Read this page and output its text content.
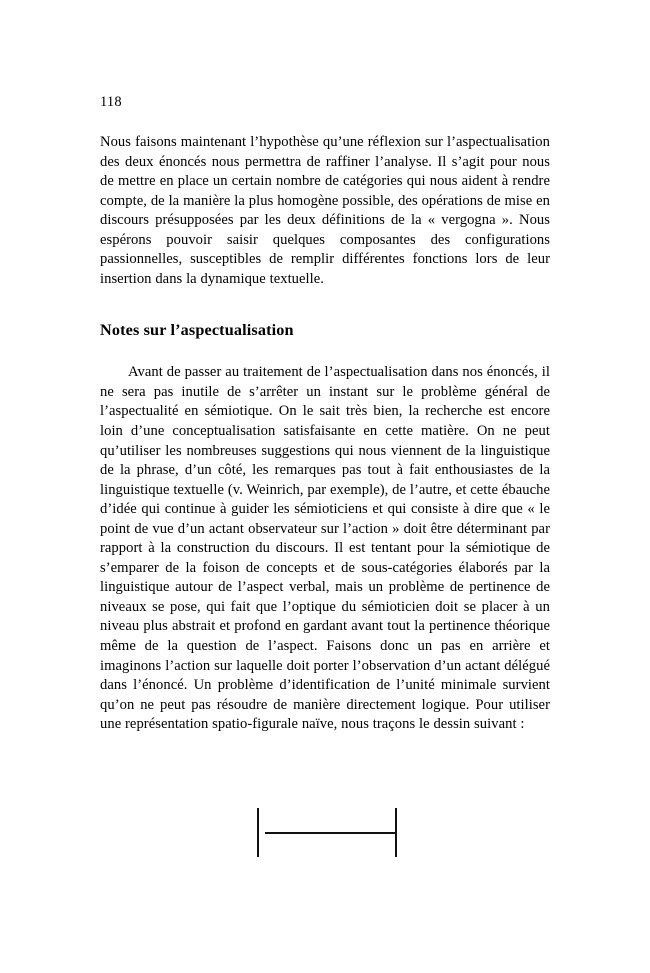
118

Nous faisons maintenant l’hypothèse qu’une réflexion sur l’aspectualisation des deux énoncés nous permettra de raffiner l’analyse. Il s’agit pour nous de mettre en place un certain nombre de catégories qui nous aident à rendre compte, de la manière la plus homogène possible, des opérations de mise en discours présupposées par les deux définitions de la « vergogna ». Nous espérons pouvoir saisir quelques composantes des configurations passionnelles, susceptibles de remplir différentes fonctions lors de leur insertion dans la dynamique textuelle.

Notes sur l’aspectualisation

Avant de passer au traitement de l’aspectualisation dans nos énoncés, il ne sera pas inutile de s’arrêter un instant sur le problème général de l’aspectualité en sémiotique. On le sait très bien, la recherche est encore loin d’une conceptualisation satisfaisante en cette matière. On ne peut qu’utiliser les nombreuses suggestions qui nous viennent de la linguistique de la phrase, d’un côté, les remarques pas tout à fait enthousiastes de la linguistique textuelle (v. Weinrich, par exemple), de l’autre, et cette ébauche d’idée qui continue à guider les sémioticiens et qui consiste à dire que « le point de vue d’un actant observateur sur l’action » doit être déterminant par rapport à la construction du discours. Il est tentant pour la sémiotique de s’emparer de la foison de concepts et de sous-catégories élaborés par la linguistique autour de l’aspect verbal, mais un problème de pertinence de niveaux se pose, qui fait que l’optique du sémioticien doit se placer à un niveau plus abstrait et profond en gardant avant tout la pertinence théorique même de la question de l’aspect. Faisons donc un pas en arrière et imaginons l’action sur laquelle doit porter l’observation d’un actant délégué dans l’énoncé. Un problème d’identification de l’unité minimale survient qu’on ne peut pas résoudre de manière directement logique. Pour utiliser une représentation spatio-figurale naïve, nous traçons le dessin suivant :
